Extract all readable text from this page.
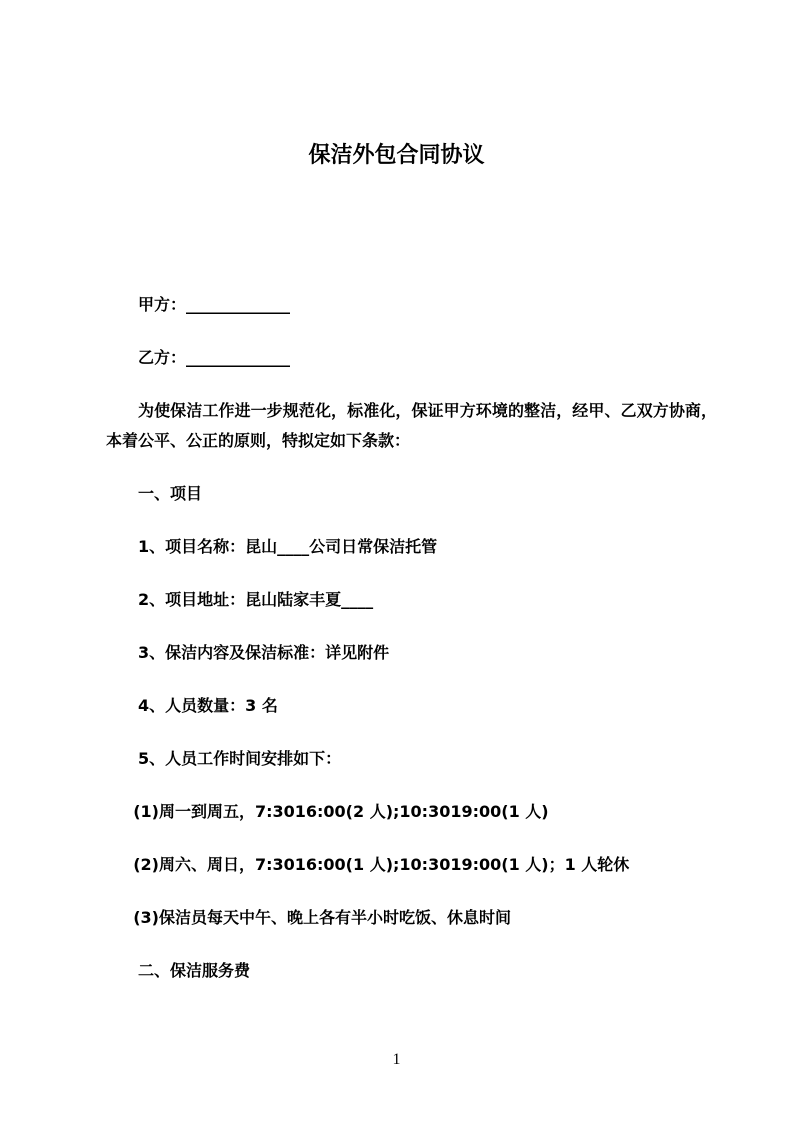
保洁外包合同协议

甲方：_____________

乙方：_____________

为使保洁工作进一步规范化，标准化，保证甲方环境的整洁，经甲、乙双方协商，本着公平、公正的原则，特拟定如下条款：

一、项目

1、项目名称：昆山____公司日常保洁托管

2、项目地址：昆山陆家丰夏____

3、保洁内容及保洁标准：详见附件

4、人员数量：3 名

5、人员工作时间安排如下：

(1)周一到周五，7:3016:00(2 人);10:3019:00(1 人)

(2)周六、周日，7:3016:00(1 人);10:3019:00(1 人)；1 人轮休

(3)保洁员每天中午、晚上各有半小时吃饭、休息时间

二、保洁服务费

1
